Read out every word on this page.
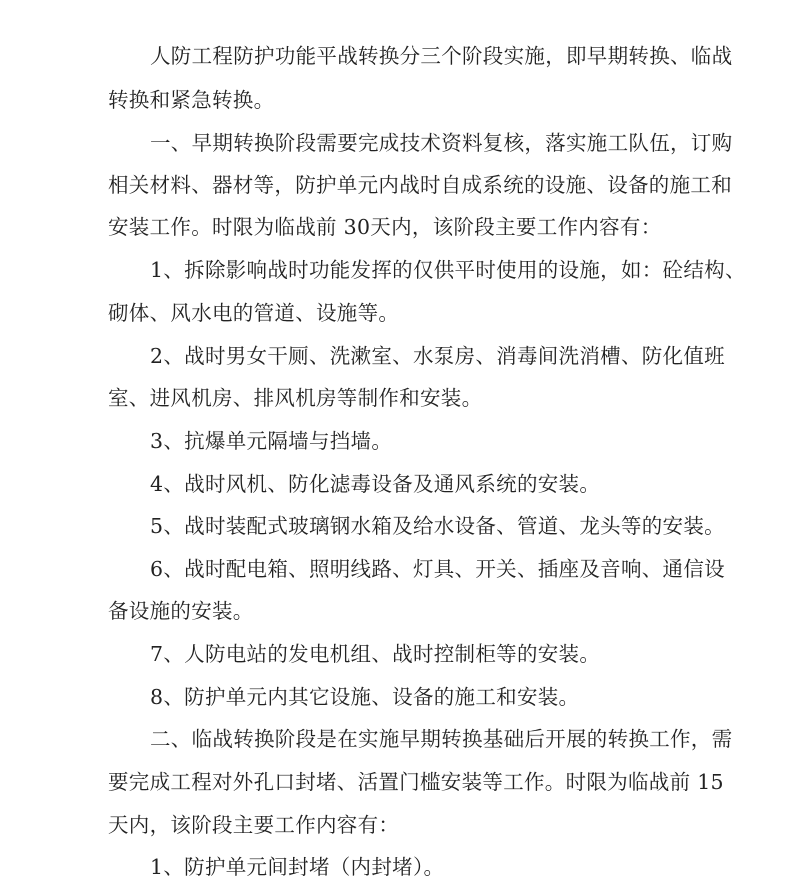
人防工程防护功能平战转换分三个阶段实施，即早期转换、临战
转换和紧急转换。
一、早期转换阶段需要完成技术资料复核，落实施工队伍，订购
相关材料、器材等，防护单元内战时自成系统的设施、设备的施工和
安装工作。时限为临战前 30天内，该阶段主要工作内容有：
1、拆除影响战时功能发挥的仅供平时使用的设施，如：砼结构、
砌体、风水电的管道、设施等。
2、战时男女干厕、洗漱室、水泵房、消毒间洗消槽、防化值班
室、进风机房、排风机房等制作和安装。
3、抗爆单元隔墙与挡墙。
4、战时风机、防化滤毒设备及通风系统的安装。
5、战时装配式玻璃钢水箱及给水设备、管道、龙头等的安装。
6、战时配电箱、照明线路、灯具、开关、插座及音响、通信设
备设施的安装。
7、人防电站的发电机组、战时控制柜等的安装。
8、防护单元内其它设施、设备的施工和安装。
二、临战转换阶段是在实施早期转换基础后开展的转换工作，需
要完成工程对外孔口封堵、活置门槛安装等工作。时限为临战前 15
天内，该阶段主要工作内容有：
1、防护单元间封堵（内封堵）。
